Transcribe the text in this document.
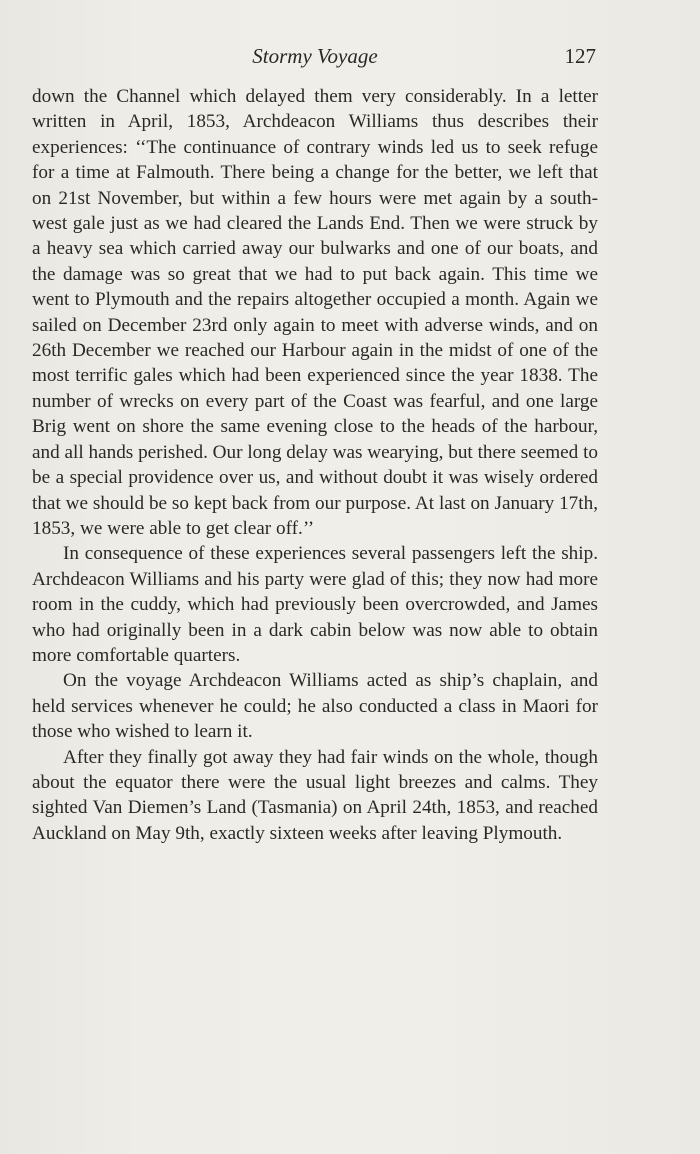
Stormy Voyage	127

down the Channel which delayed them very considerably. In a letter written in April, 1853, Archdeacon Williams thus describes their experiences: ‘‘The continuance of contrary winds led us to seek refuge for a time at Falmouth. There being a change for the better, we left that on 21st November, but within a few hours were met again by a south-west gale just as we had cleared the Lands End. Then we were struck by a heavy sea which carried away our bulwarks and one of our boats, and the damage was so great that we had to put back again. This time we went to Plymouth and the repairs altogether occupied a month. Again we sailed on December 23rd only again to meet with adverse winds, and on 26th December we reached our Harbour again in the midst of one of the most terrific gales which had been experienced since the year 1838. The number of wrecks on every part of the Coast was fearful, and one large Brig went on shore the same evening close to the heads of the harbour, and all hands perished. Our long delay was wearying, but there seemed to be a special providence over us, and without doubt it was wisely ordered that we should be so kept back from our purpose. At last on January 17th, 1853, we were able to get clear off.’’

In consequence of these experiences several passengers left the ship. Archdeacon Williams and his party were glad of this; they now had more room in the cuddy, which had previously been overcrowded, and James who had originally been in a dark cabin below was now able to obtain more comfortable quarters.

On the voyage Archdeacon Williams acted as ship’s chaplain, and held services whenever he could; he also conducted a class in Maori for those who wished to learn it.

After they finally got away they had fair winds on the whole, though about the equator there were the usual light breezes and calms. They sighted Van Diemen’s Land (Tasmania) on April 24th, 1853, and reached Auckland on May 9th, exactly sixteen weeks after leaving Plymouth.
